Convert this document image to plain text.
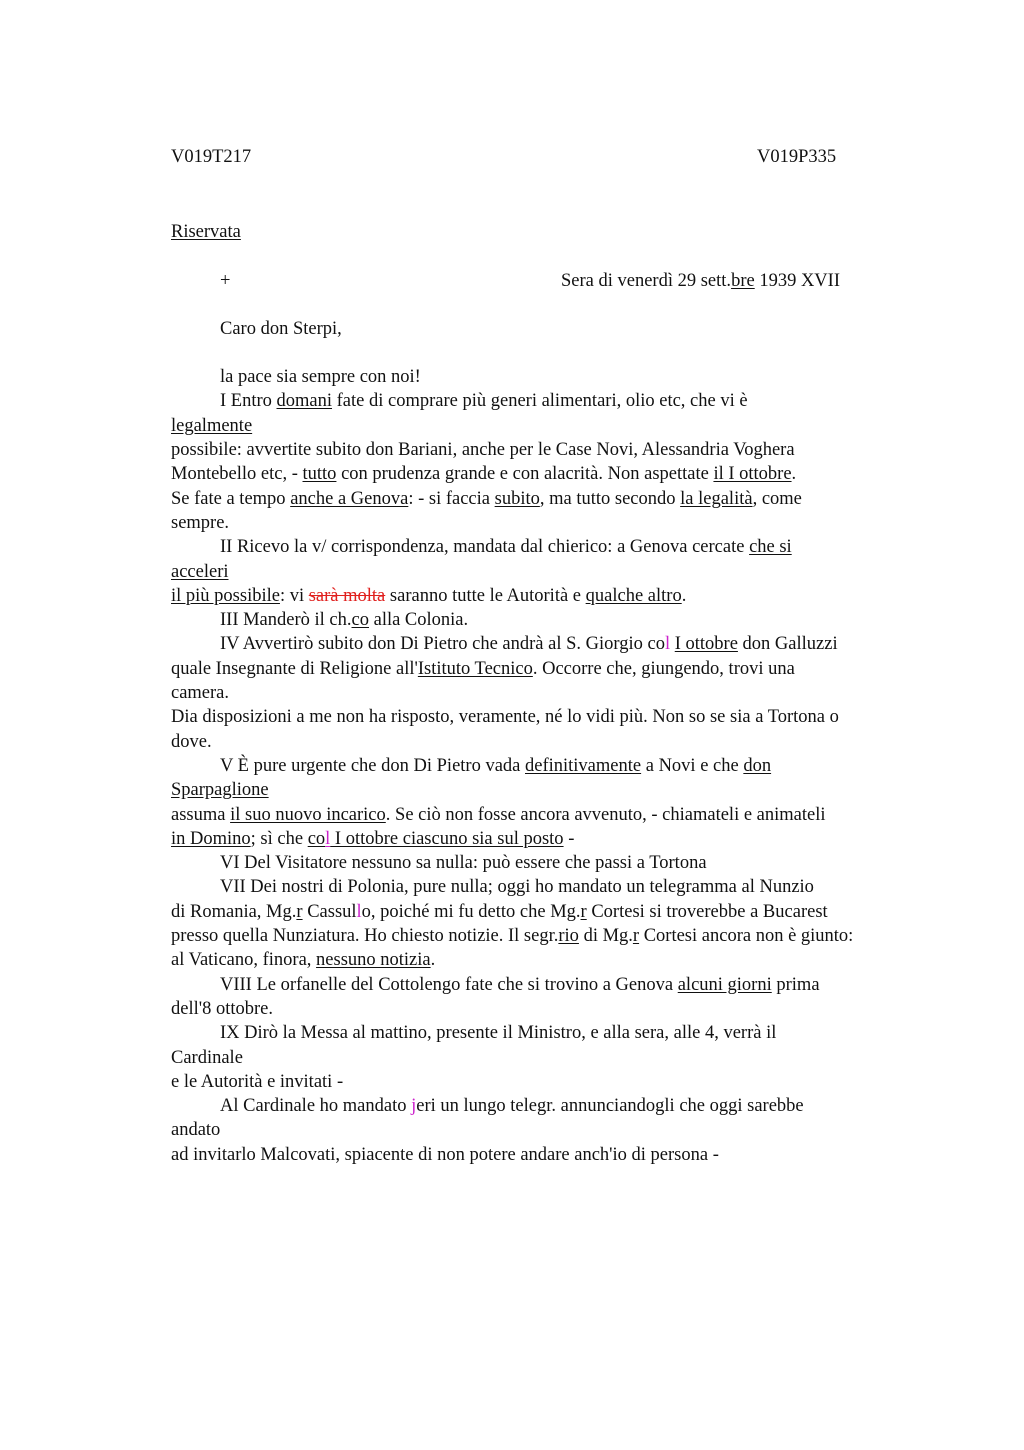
V019T217	V019P335
Riservata
+	Sera di venerdì 29 sett.bre 1939 XVII
Caro don Sterpi,
la pace sia sempre con noi!
I Entro domani fate di comprare più generi alimentari, olio etc, che vi è
legalmente
possibile: avvertite subito don Bariani, anche per le Case Novi, Alessandria Voghera
Montebello etc, - tutto con prudenza grande e con alacrità. Non aspettate il I ottobre.
Se fate a tempo anche a Genova: - si faccia subito, ma tutto secondo la legalità, come
sempre.
II Ricevo la v/ corrispondenza, mandata dal chierico: a Genova cercate che si
acceleri
il più possibile: vi sarà molta saranno tutte le Autorità e qualche altro.
III Manderò il ch.co alla Colonia.
IV Avvertirò subito don Di Pietro che andrà al S. Giorgio col I ottobre don Galluzzi
quale Insegnante di Religione all'Istituto Tecnico. Occorre che, giungendo, trovi una
camera.
Dia disposizioni a me non ha risposto, veramente, né lo vidi più. Non so se sia a Tortona o
dove.
V È pure urgente che don Di Pietro vada definitivamente a Novi e che don
Sparpaglione
assuma il suo nuovo incarico. Se ciò non fosse ancora avvenuto, - chiamateli e animateli
in Domino; sì che col I ottobre ciascuno sia sul posto -
VI Del Visitatore nessuno sa nulla: può essere che passi a Tortona
VII Dei nostri di Polonia, pure nulla; oggi ho mandato un telegramma al Nunzio
di Romania, Mg.r Cassullo, poiché mi fu detto che Mg.r Cortesi si troverebbe a Bucarest
presso quella Nunziatura. Ho chiesto notizie. Il segr.rio di Mg.r Cortesi ancora non è giunto:
al Vaticano, finora, nessuno notizia.
VIII Le orfanelle del Cottolengo fate che si trovino a Genova alcuni giorni prima
dell'8 ottobre.
IX Dirò la Messa al mattino, presente il Ministro, e alla sera, alle 4, verrà il
Cardinale
e le Autorità e invitati -
Al Cardinale ho mandato jeri un lungo telegr. annunciandogli che oggi sarebbe
andato
ad invitarlo Malcovati, spiacente di non potere andare anch'io di persona -
